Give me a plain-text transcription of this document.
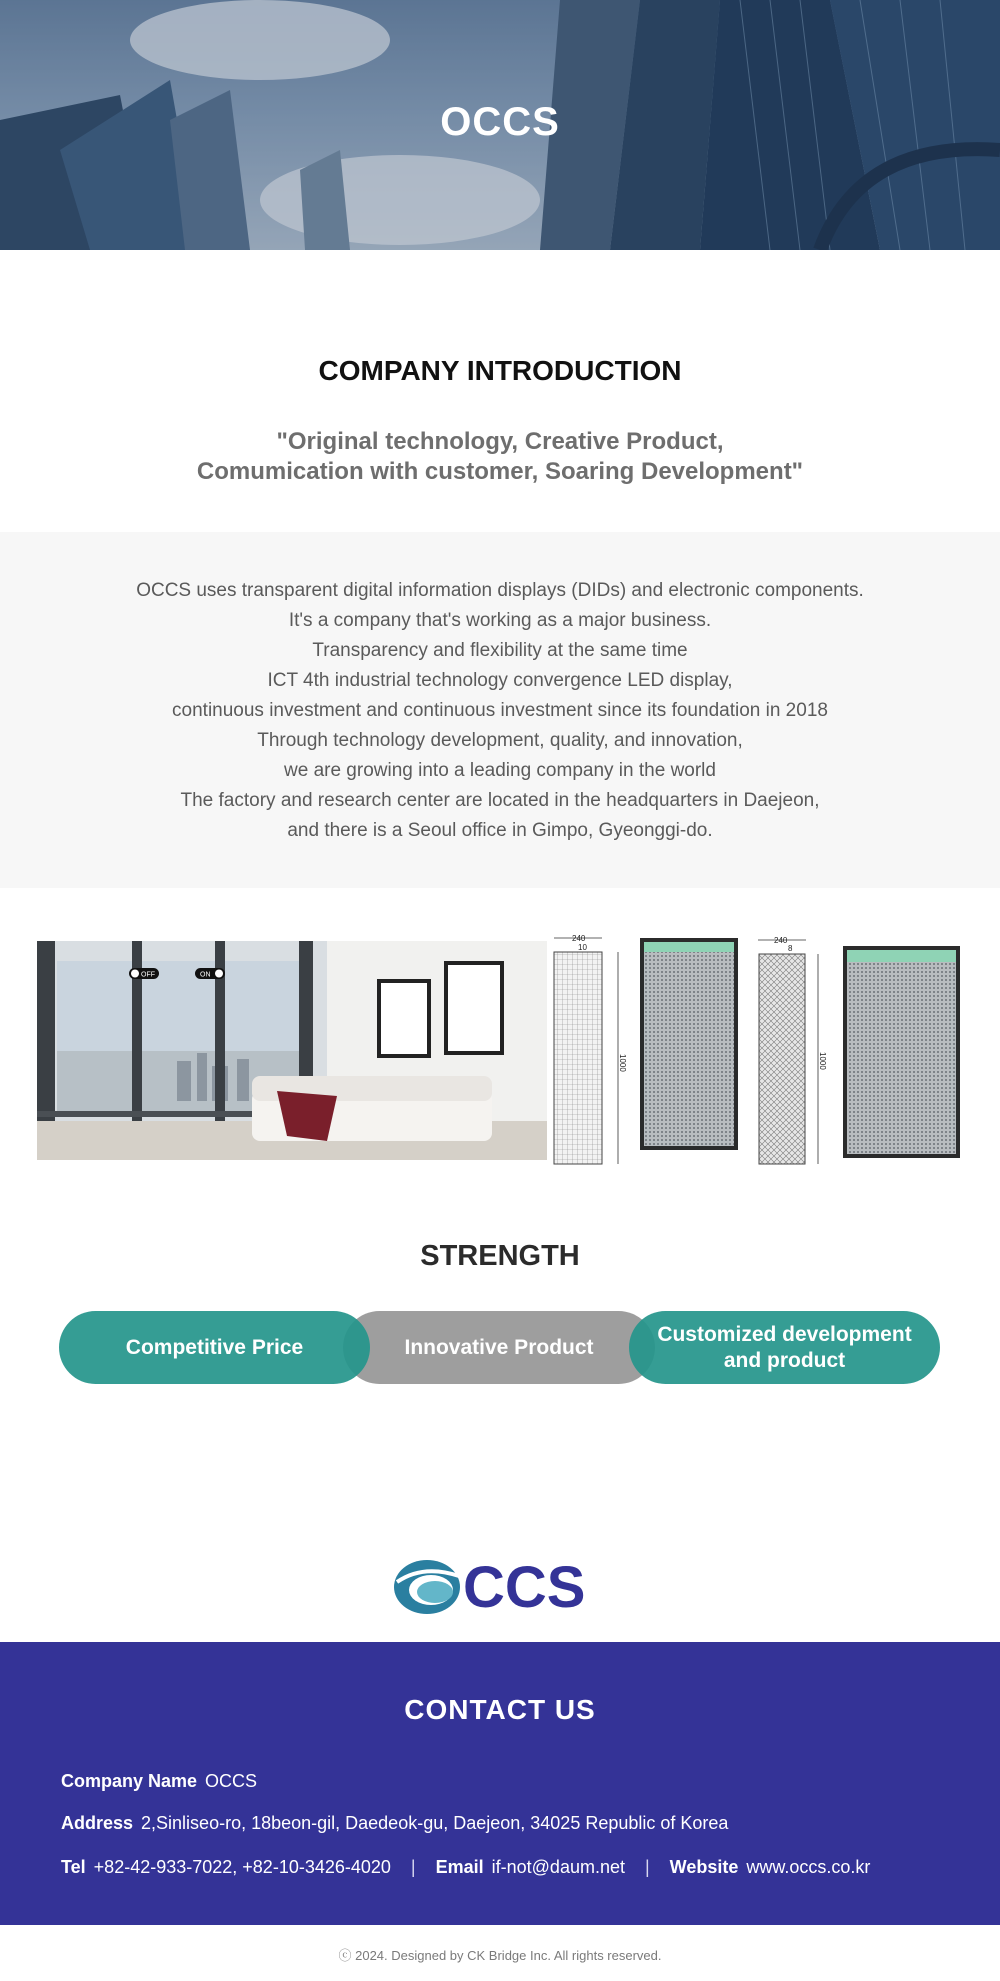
OCCS
COMPANY INTRODUCTION
"Original technology, Creative Product,
Comumication with customer, Soaring Development"

OCCS uses transparent digital information displays (DIDs) and electronic components.

It's a company that's working as a major business.

Transparency and flexibility at the same time

ICT 4th industrial technology convergence LED display,

continuous investment and continuous investment since its foundation in 2018

Through technology development, quality, and innovation,

we are growing into a leading company in the world

The factory and research center are located in the headquarters in Daejeon,

and there is a Seoul office in Gimpo, Gyeonggi-do.

OFF	ON
240
10
1000
240
8
1000
STRENGTH
Innovative Product
Competitive Price
Customized development and product
CCS
CONTACT US
Company Name OCCS
Address 2,Sinliseo-ro, 18beon-gil, Daedeok-gu, Daejeon, 34025 Republic of Korea
Tel +82-42-933-7022, +82-10-3426-4020 | Email if-not@daum.net | Website www.occs.co.kr
ⓒ 2024. Designed by CK Bridge Inc. All rights reserved.
